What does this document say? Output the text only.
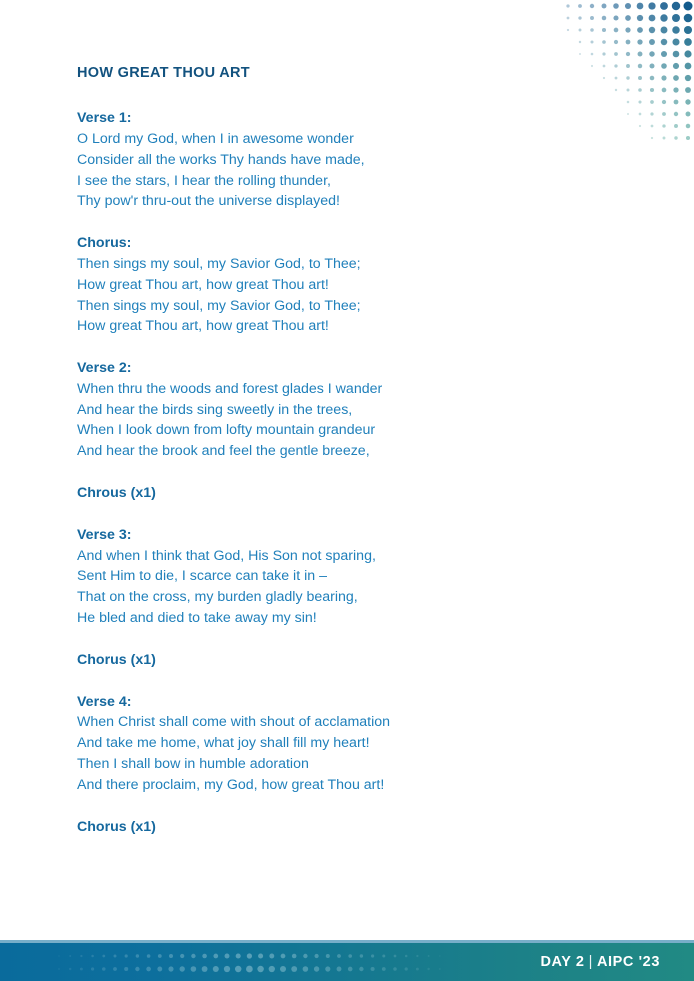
HOW GREAT THOU ART

Verse 1:

O Lord my God, when I in awesome wonder

Consider all the works Thy hands have made,

I see the stars, I hear the rolling thunder,

Thy pow'r thru-out the universe displayed!

Chorus:

Then sings my soul, my Savior God, to Thee;

How great Thou art, how great Thou art!

Then sings my soul, my Savior God, to Thee;

How great Thou art, how great Thou art!

Verse 2:

When thru the woods and forest glades I wander

And hear the birds sing sweetly in the trees,

When I look down from lofty mountain grandeur

And hear the brook and feel the gentle breeze,

Chrous (x1)

Verse 3:

And when I think that God, His Son not sparing,

Sent Him to die, I scarce can take it in –

That on the cross, my burden gladly bearing,

He bled and died to take away my sin!

Chorus (x1)

Verse 4:

When Christ shall come with shout of acclamation

And take me home, what joy shall fill my heart!

Then I shall bow in humble adoration

And there proclaim, my God, how great Thou art!

Chorus (x1)

DAY 2 | AIPC '23
